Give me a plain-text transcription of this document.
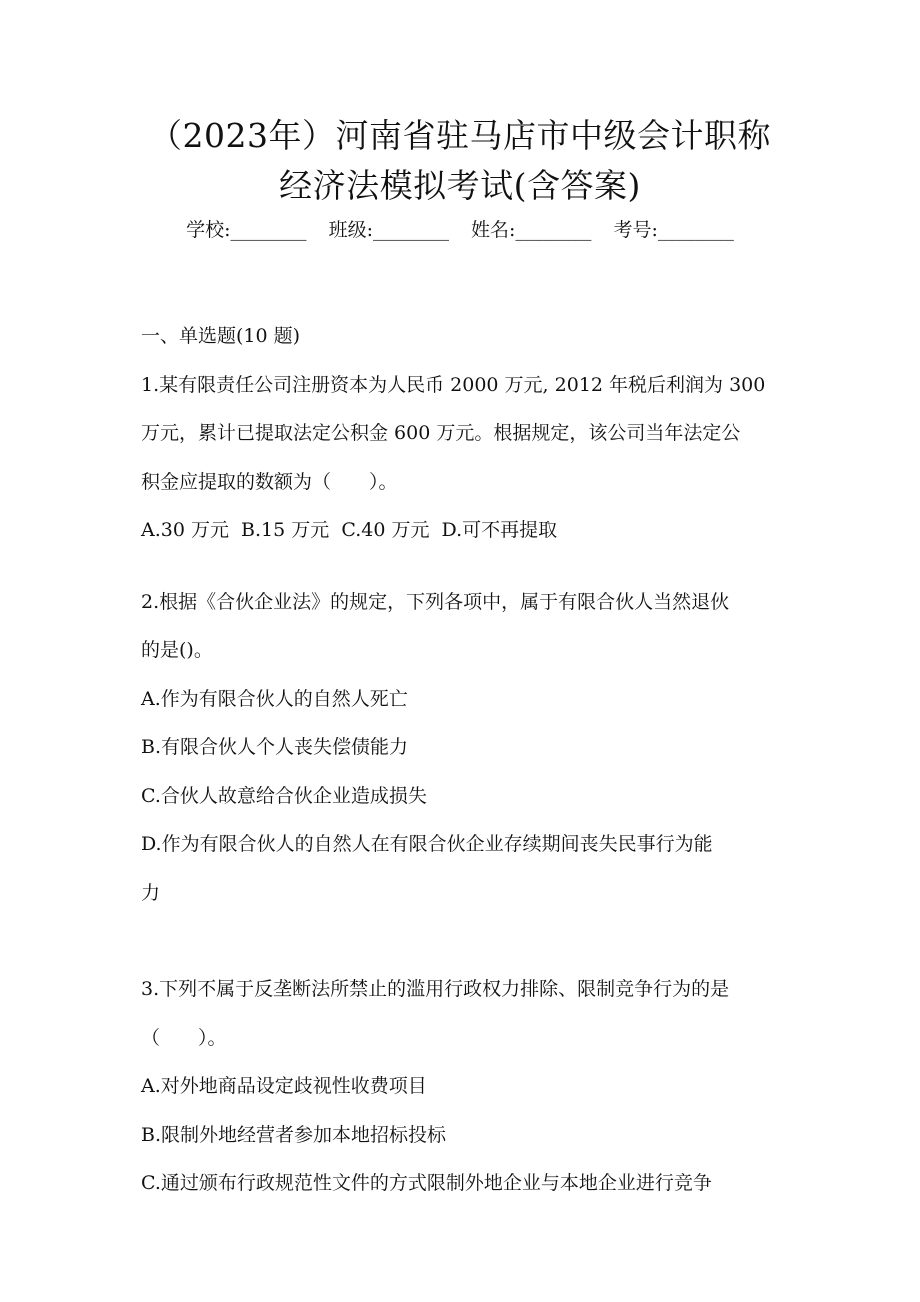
（2023年）河南省驻马店市中级会计职称
经济法模拟考试(含答案)
学校:________ 班级:________ 姓名:________ 考号:________

一、单选题(10 题)

1.某有限责任公司注册资本为人民币 2000 万元, 2012 年税后利润为 300

万元，累计已提取法定公积金 600 万元。根据规定，该公司当年法定公

积金应提取的数额为（　　）。

A.30 万元  B.15 万元  C.40 万元  D.可不再提取

2.根据《合伙企业法》的规定，下列各项中，属于有限合伙人当然退伙

的是()。

A.作为有限合伙人的自然人死亡

B.有限合伙人个人丧失偿债能力

C.合伙人故意给合伙企业造成损失

D.作为有限合伙人的自然人在有限合伙企业存续期间丧失民事行为能

力

3.下列不属于反垄断法所禁止的滥用行政权力排除、限制竞争行为的是

（　　）。

A.对外地商品设定歧视性收费项目

B.限制外地经营者参加本地招标投标

C.通过颁布行政规范性文件的方式限制外地企业与本地企业进行竞争
